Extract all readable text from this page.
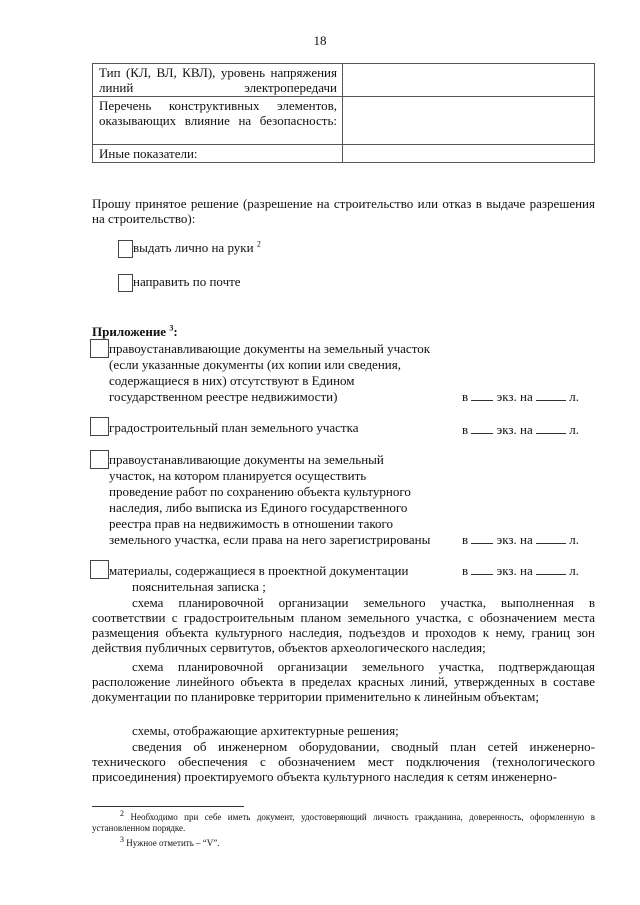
18
Тип (КЛ, ВЛ, КВЛ), уровень напряжения линий электропередачи	
Перечень конструктивных элементов, оказывающих влияние на безопасность:	
Иные показатели:	
Прошу принятое решение (разрешение на строительство или отказ в выдаче разрешения на строительство):
выдать лично на руки $^2$
направить по почте
Приложение $^3$:
правоустанавливающие документы на земельный участок
(если указанные документы (их копии или сведения,
содержащиеся в них) отсутствуют в Едином
государственном реестре недвижимости)	в экз. на	л.
градостроительный план земельного участка	в экз. на	л.
правоустанавливающие документы на земельный
участок, на котором планируется осуществить
проведение работ по сохранению объекта культурного
наследия, либо выписка из Единого государственного
реестра прав на недвижимость в отношении такого
земельного участка, если права на него зарегистрированы в экз. на	л.
материалы, содержащиеся в проектной документации	в экз. на	л.
пояснительная записка ;
схема планировочной организации земельного участка, выполненная в соответствии с градостроительным планом земельного участка, с обозначением места размещения объекта культурного наследия, подъездов и проходов к нему, границ зон действия публичных сервитутов, объектов археологического наследия;
схема планировочной организации земельного участка, подтверждающая расположение линейного объекта в пределах красных линий, утвержденных в составе документации по планировке территории применительно к линейным объектам;
схемы, отображающие архитектурные решения;
сведения об инженерном оборудовании, сводный план сетей инженерно-технического обеспечения с обозначением мест подключения (технологического присоединения) проектируемого объекта культурного наследия к сетям инженерно-
$^2$ Необходимо при себе иметь документ, удостоверяющий личность гражданина, доверенность, оформленную в установленном порядке.
$^3$ Нужное отметить – “V”.
